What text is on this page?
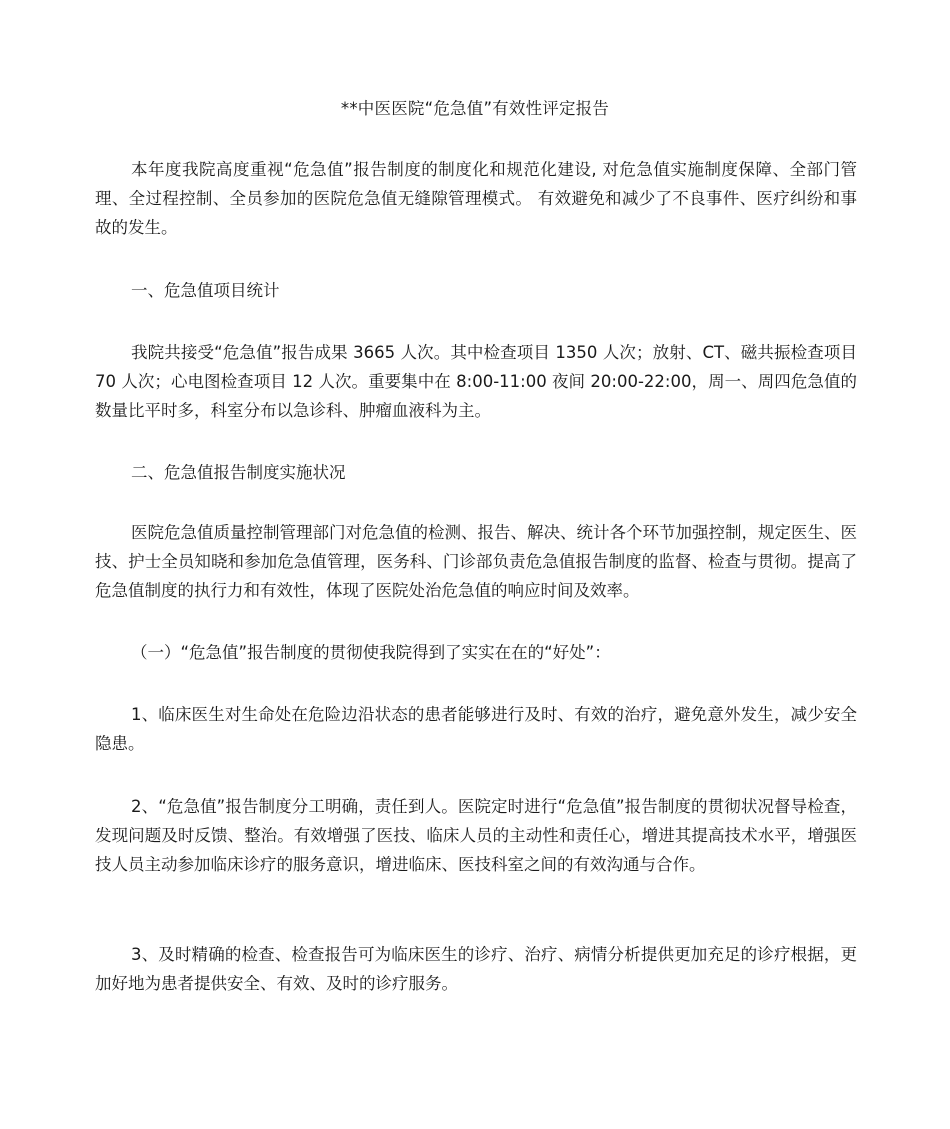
**中医医院“危急值”有效性评定报告

本年度我院高度重视“危急值”报告制度的制度化和规范化建设, 对危急值实施制度保障、全部门管理、全过程控制、全员参加的医院危急值无缝隙管理模式。 有效避免和减少了不良事件、医疗纠纷和事故的发生。

一、危急值项目统计

我院共接受“危急值”报告成果 3665 人次。其中检查项目 1350 人次；放射、CT、磁共振检查项目 70 人次；心电图检查项目 12 人次。重要集中在 8:00-11:00 夜间 20:00-22:00，周一、周四危急值的数量比平时多，科室分布以急诊科、肿瘤血液科为主。

二、危急值报告制度实施状况

医院危急值质量控制管理部门对危急值的检测、报告、解决、统计各个环节加强控制，规定医生、医技、护士全员知晓和参加危急值管理，医务科、门诊部负责危急值报告制度的监督、检查与贯彻。提高了危急值制度的执行力和有效性，体现了医院处治危急值的响应时间及效率。

（一）“危急值”报告制度的贯彻使我院得到了实实在在的“好处”：

1、临床医生对生命处在危险边沿状态的患者能够进行及时、有效的治疗，避免意外发生，减少安全隐患。

2、“危急值”报告制度分工明确，责任到人。医院定时进行“危急值”报告制度的贯彻状况督导检查，发现问题及时反馈、整治。有效增强了医技、临床人员的主动性和责任心，增进其提高技术水平，增强医技人员主动参加临床诊疗的服务意识，增进临床、医技科室之间的有效沟通与合作。

3、及时精确的检查、检查报告可为临床医生的诊疗、治疗、病情分析提供更加充足的诊疗根据，更加好地为患者提供安全、有效、及时的诊疗服务。
